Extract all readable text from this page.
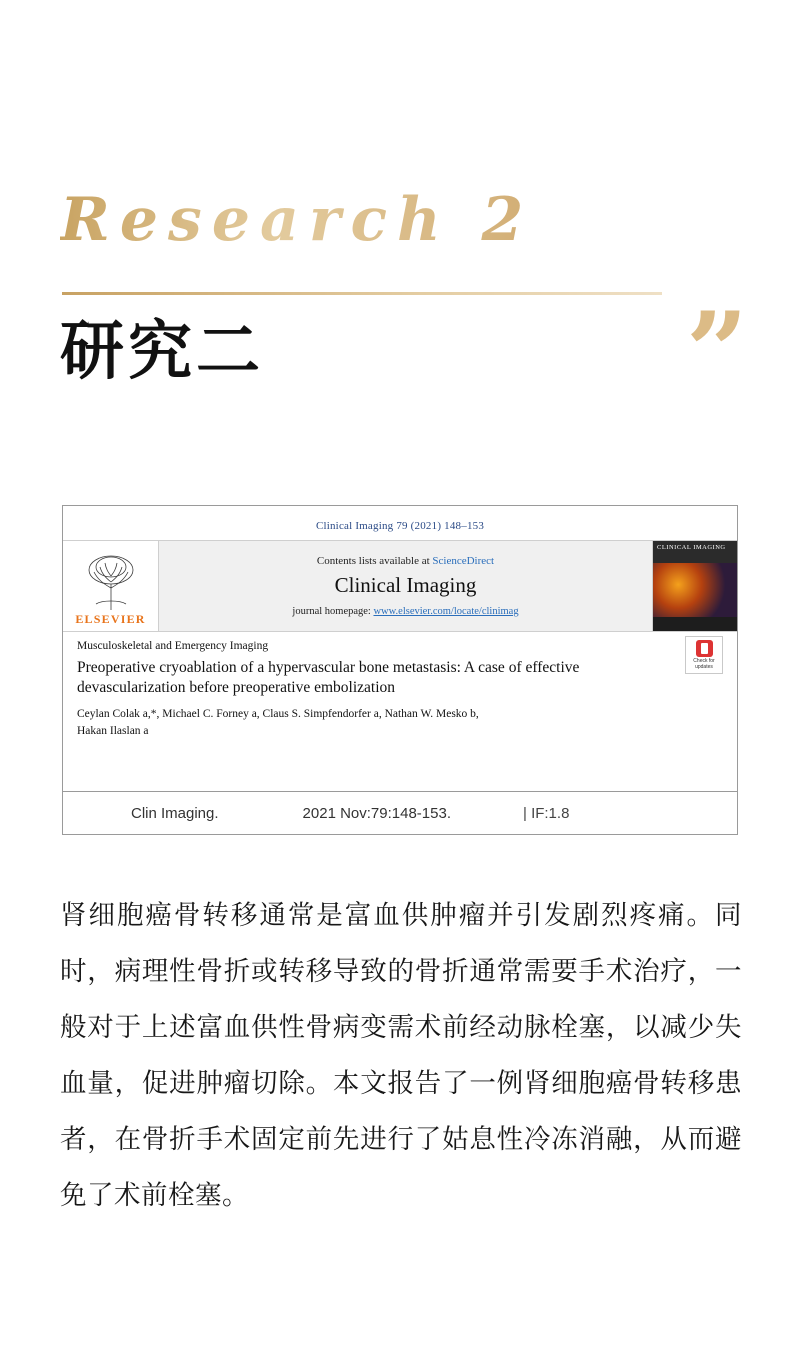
Research 2
”
研究二
Clinical Imaging 79 (2021) 148–153
ELSEVIER
Contents lists available at ScienceDirect
Clinical Imaging
journal homepage: www.elsevier.com/locate/clinimag
CLINICAL IMAGING
Musculoskeletal and Emergency Imaging
Preoperative cryoablation of a hypervascular bone metastasis: A case of effective devascularization before preoperative embolization
Ceylan Colak a,*, Michael C. Forney a, Claus S. Simpfendorfer a, Nathan W. Mesko b,
Hakan Ilaslan a
Check for updates
Clin Imaging.	2021 Nov:79:148-153.	| IF:1.8
肾细胞癌骨转移通常是富血供肿瘤并引发剧烈疼痛。同时，病理性骨折或转移导致的骨折通常需要手术治疗，一般对于上述富血供性骨病变需术前经动脉栓塞，以减少失血量，促进肿瘤切除。本文报告了一例肾细胞癌骨转移患者，在骨折手术固定前先进行了姑息性冷冻消融，从而避免了术前栓塞。
